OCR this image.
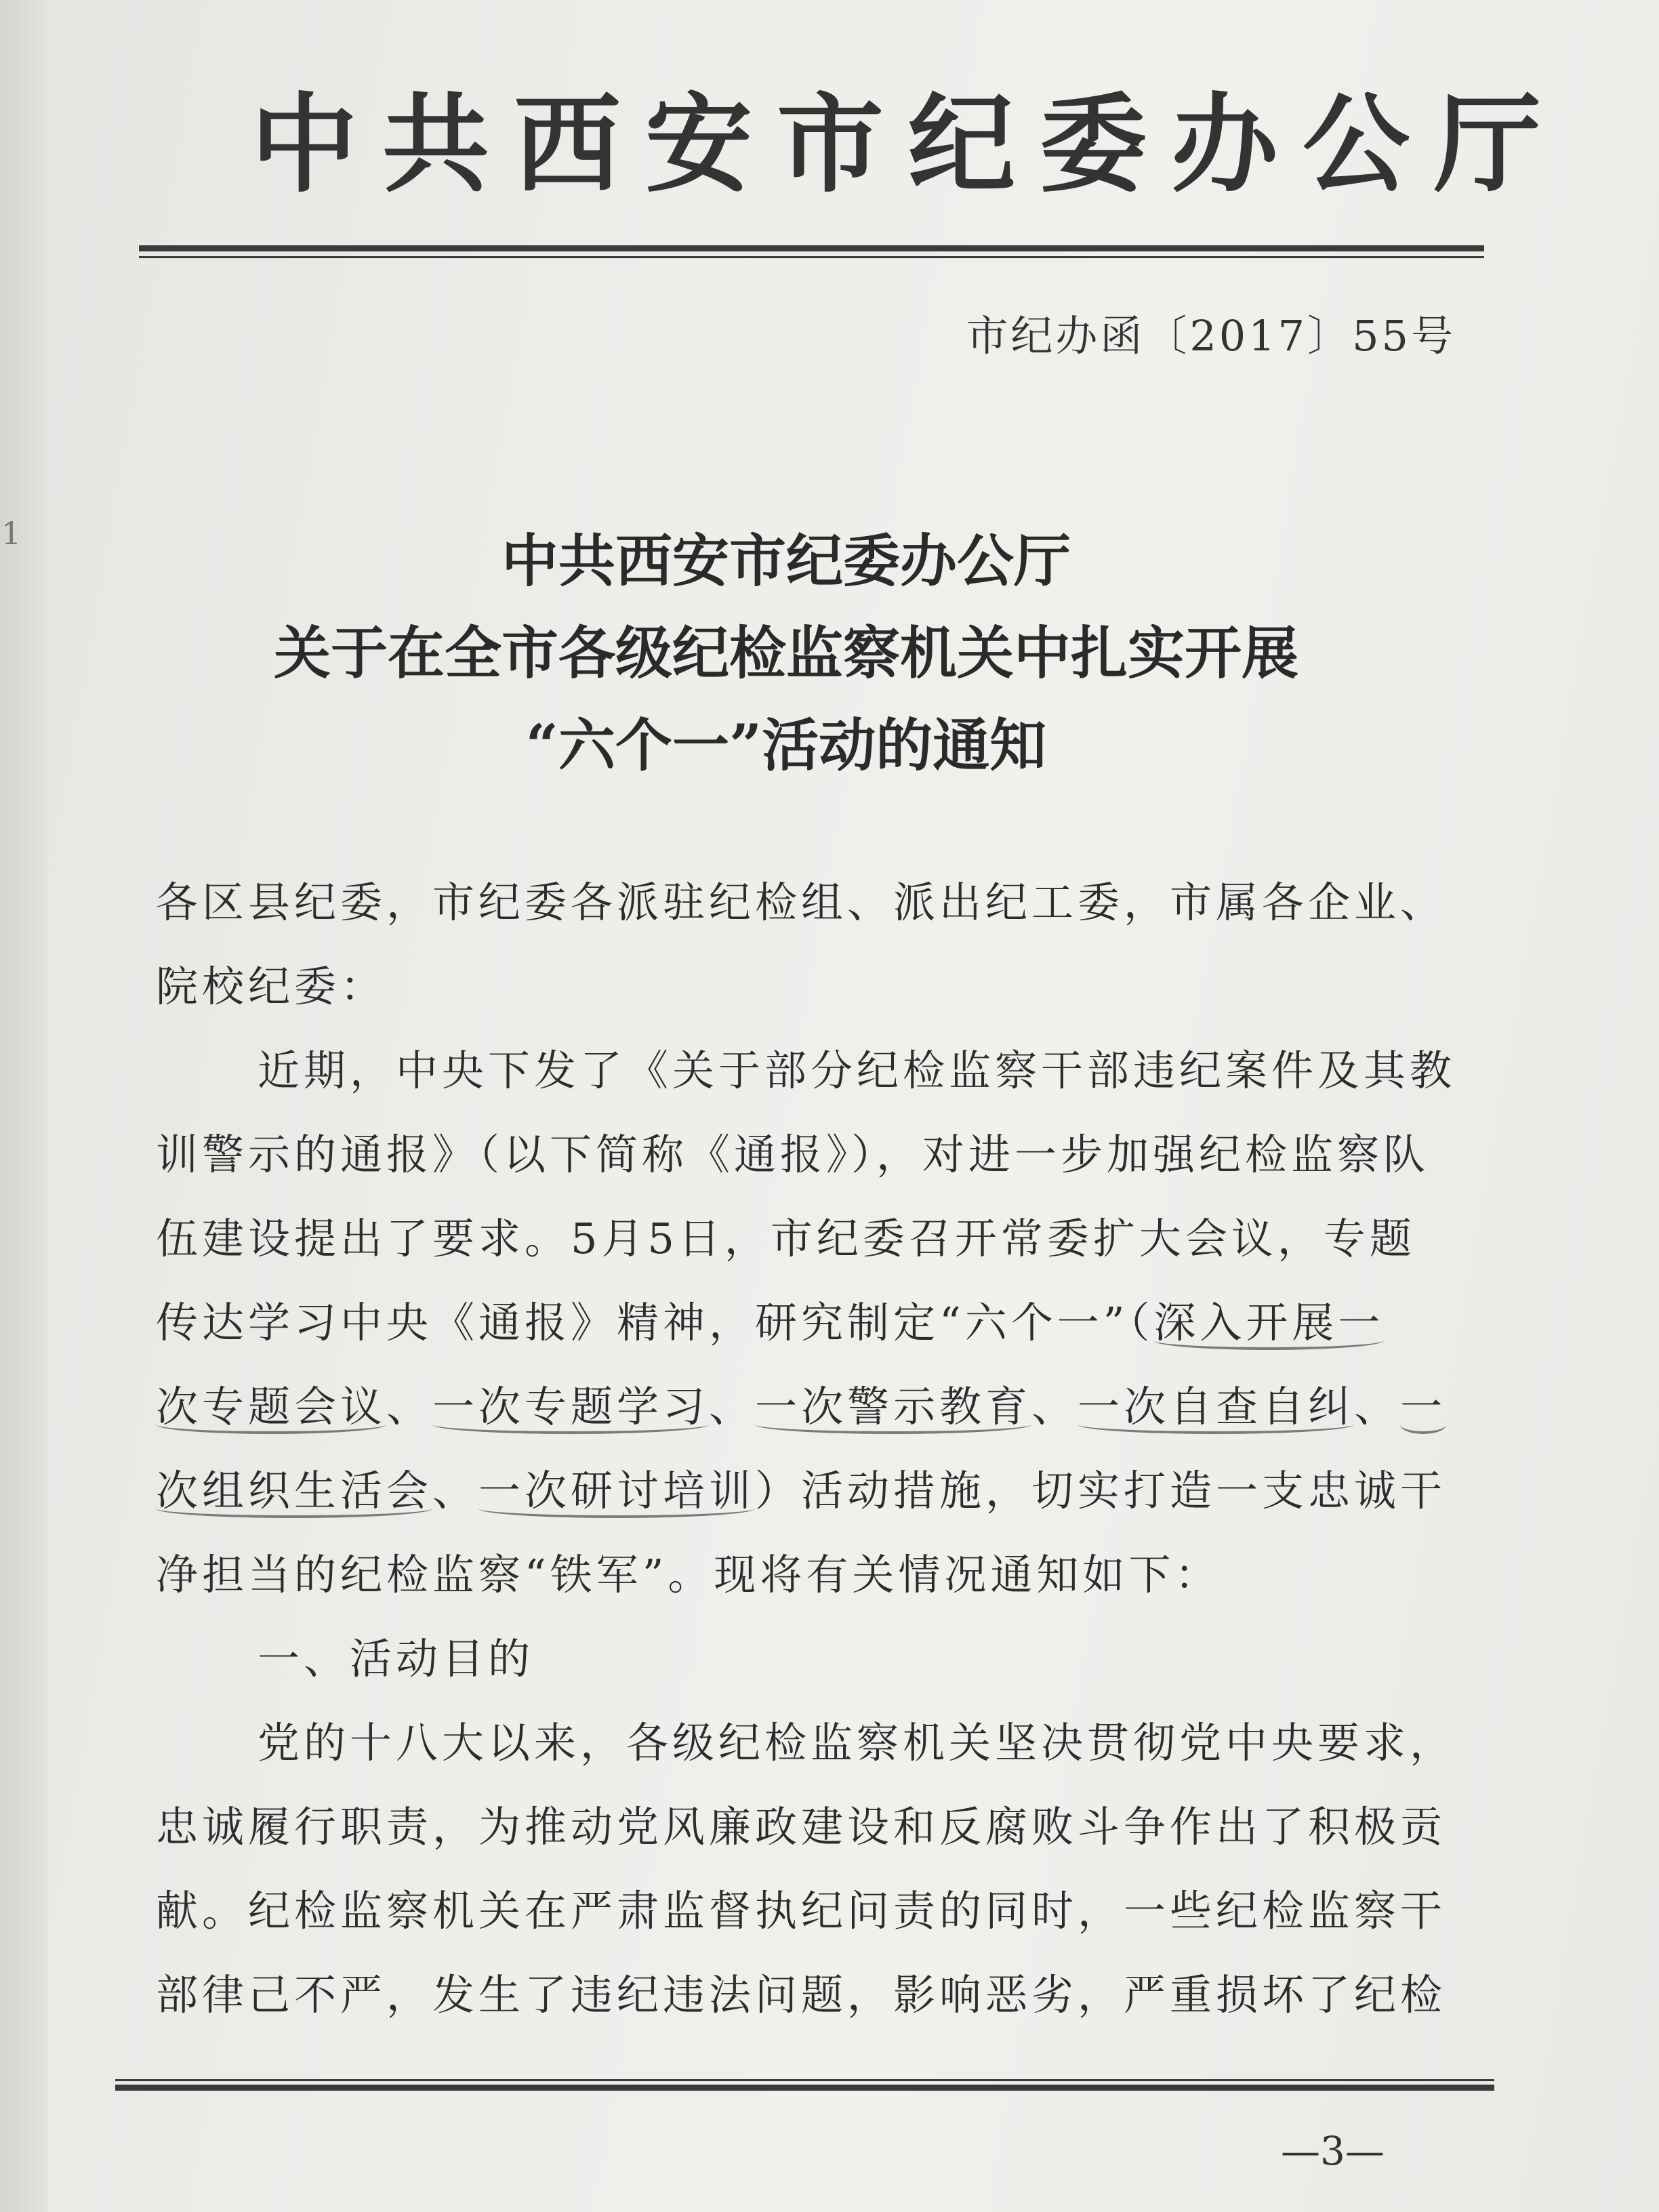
1
中共西安市纪委办公厅
市纪办函〔2017〕55号
中共西安市纪委办公厅
关于在全市各级纪检监察机关中扎实开展
“六个一”活动的通知
各区县纪委，市纪委各派驻纪检组、派出纪工委，市属各企业、
院校纪委：
近期，中央下发了《关于部分纪检监察干部违纪案件及其教
训警示的通报》（以下简称《通报》），对进一步加强纪检监察队
伍建设提出了要求。5月5日，市纪委召开常委扩大会议，专题
传达学习中央《通报》精神，研究制定“六个一”（深入开展一
次专题会议、一次专题学习、一次警示教育、一次自查自纠、一
次组织生活会、一次研讨培训）活动措施，切实打造一支忠诚干
净担当的纪检监察“铁军”。现将有关情况通知如下：
一、活动目的
党的十八大以来，各级纪检监察机关坚决贯彻党中央要求，
忠诚履行职责，为推动党风廉政建设和反腐败斗争作出了积极贡
献。纪检监察机关在严肃监督执纪问责的同时，一些纪检监察干
部律己不严，发生了违纪违法问题，影响恶劣，严重损坏了纪检
—3—
